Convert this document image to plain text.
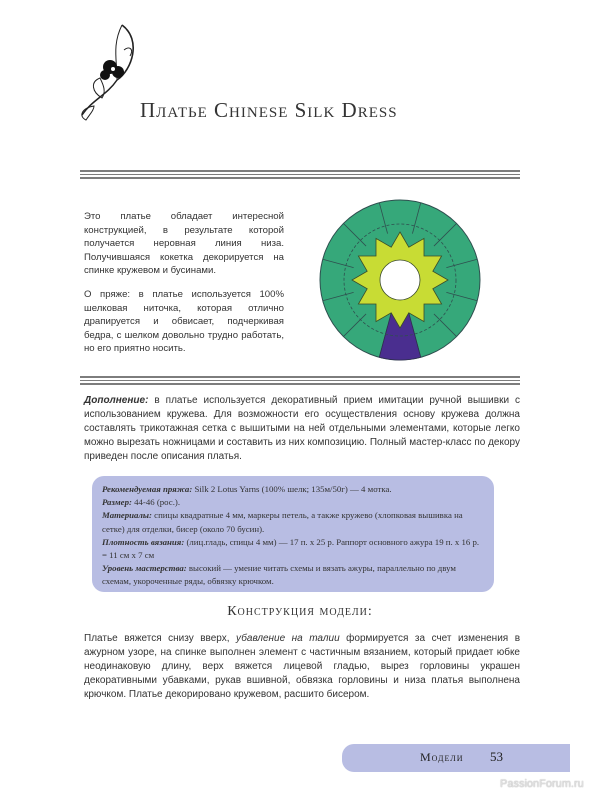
Платье Chinese Silk Dress

Это платье обладает интересной конструкцией, в результате которой получается неровная линия низа. Получившаяся кокетка декорируется на спинке кружевом и бусинами.

О пряже: в платье используется 100% шелковая ниточка, которая отлично драпируется и обвисает, подчеркивая бедра, с шелком довольно трудно работать, но его приятно носить.

Дополнение: в платье используется декоративный прием имитации ручной вышивки с использованием кружева. Для возможности его осуществления основу кружева должна составлять трикотажная сетка с вышитыми на ней отдельными элементами, которые легко можно вырезать ножницами и составить из них композицию. Полный мастер-класс по декору приведен после описания платья.

Рекомендуемая пряжа: Silk 2 Lotus Yarns (100% шелк; 135м/50г) — 4 мотка.

Размер: 44-46 (рос.).

Материалы: спицы квадратные 4 мм, маркеры петель, а также кружево (хлопковая вышивка на сетке) для отделки, бисер (около 70 бусин).

Плотность вязания: (лиц.гладь, спицы 4 мм) — 17 п. х 25 р. Раппорт основного ажура 19 п. х 16 р. = 11 см х 7 см

Уровень мастерства: высокий — умение читать схемы и вязать ажуры, параллельно по двум схемам, укороченные ряды, обвязку крючком.

Конструкция модели:
Платье вяжется снизу вверх, убавление на талии формируется за счет изменения в ажурном узоре, на спинке выполнен элемент с частичным вязанием, который придает юбке неодинаковую длину, верх вяжется лицевой гладью, вырез горловины украшен декоративными убавками, рукав вшивной, обвязка горловины и низа платья выполнена крючком. Платье декорировано кружевом, расшито бисером.
Модели 53
PassionForum.ru
